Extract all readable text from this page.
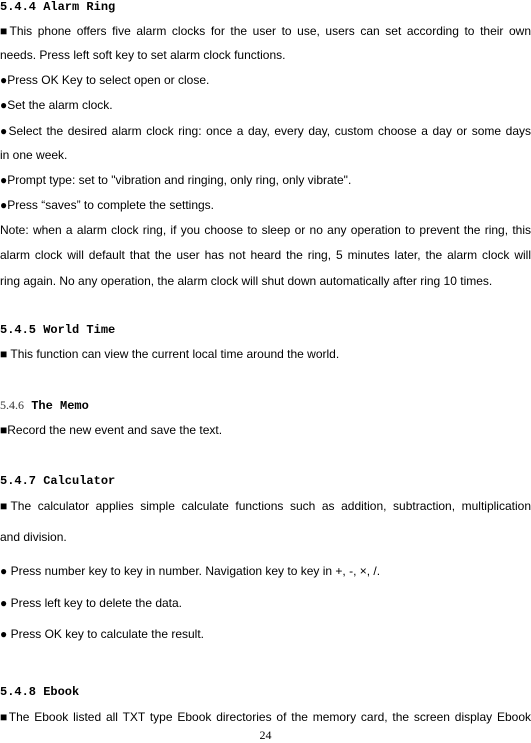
5.4.4 Alarm Ring
■This phone offers five alarm clocks for the user to use, users can set according to their own
needs. Press left soft key to set alarm clock functions.
●Press OK Key to select open or close.
●Set the alarm clock.
●Select the desired alarm clock ring: once a day, every day, custom choose a day or some days
in one week.
●Prompt type: set to "vibration and ringing, only ring, only vibrate".
●Press “saves” to complete the settings.
Note: when a alarm clock ring, if you choose to sleep or no any operation to prevent the ring, this
alarm clock will default that the user has not heard the ring, 5 minutes later, the alarm clock will
ring again. No any operation, the alarm clock will shut down automatically after ring 10 times.
5.4.5 World Time
■ This function can view the current local time around the world.
5.4.6 The Memo
■Record the new event and save the text.
5.4.7 Calculator
■The calculator applies simple calculate functions such as addition, subtraction, multiplication
and division.
● Press number key to key in number. Navigation key to key in +, -, ×, /.
● Press left key to delete the data.
● Press OK key to calculate the result.
5.4.8 Ebook
■The Ebook listed all TXT type Ebook directories of the memory card, the screen display Ebook
24
